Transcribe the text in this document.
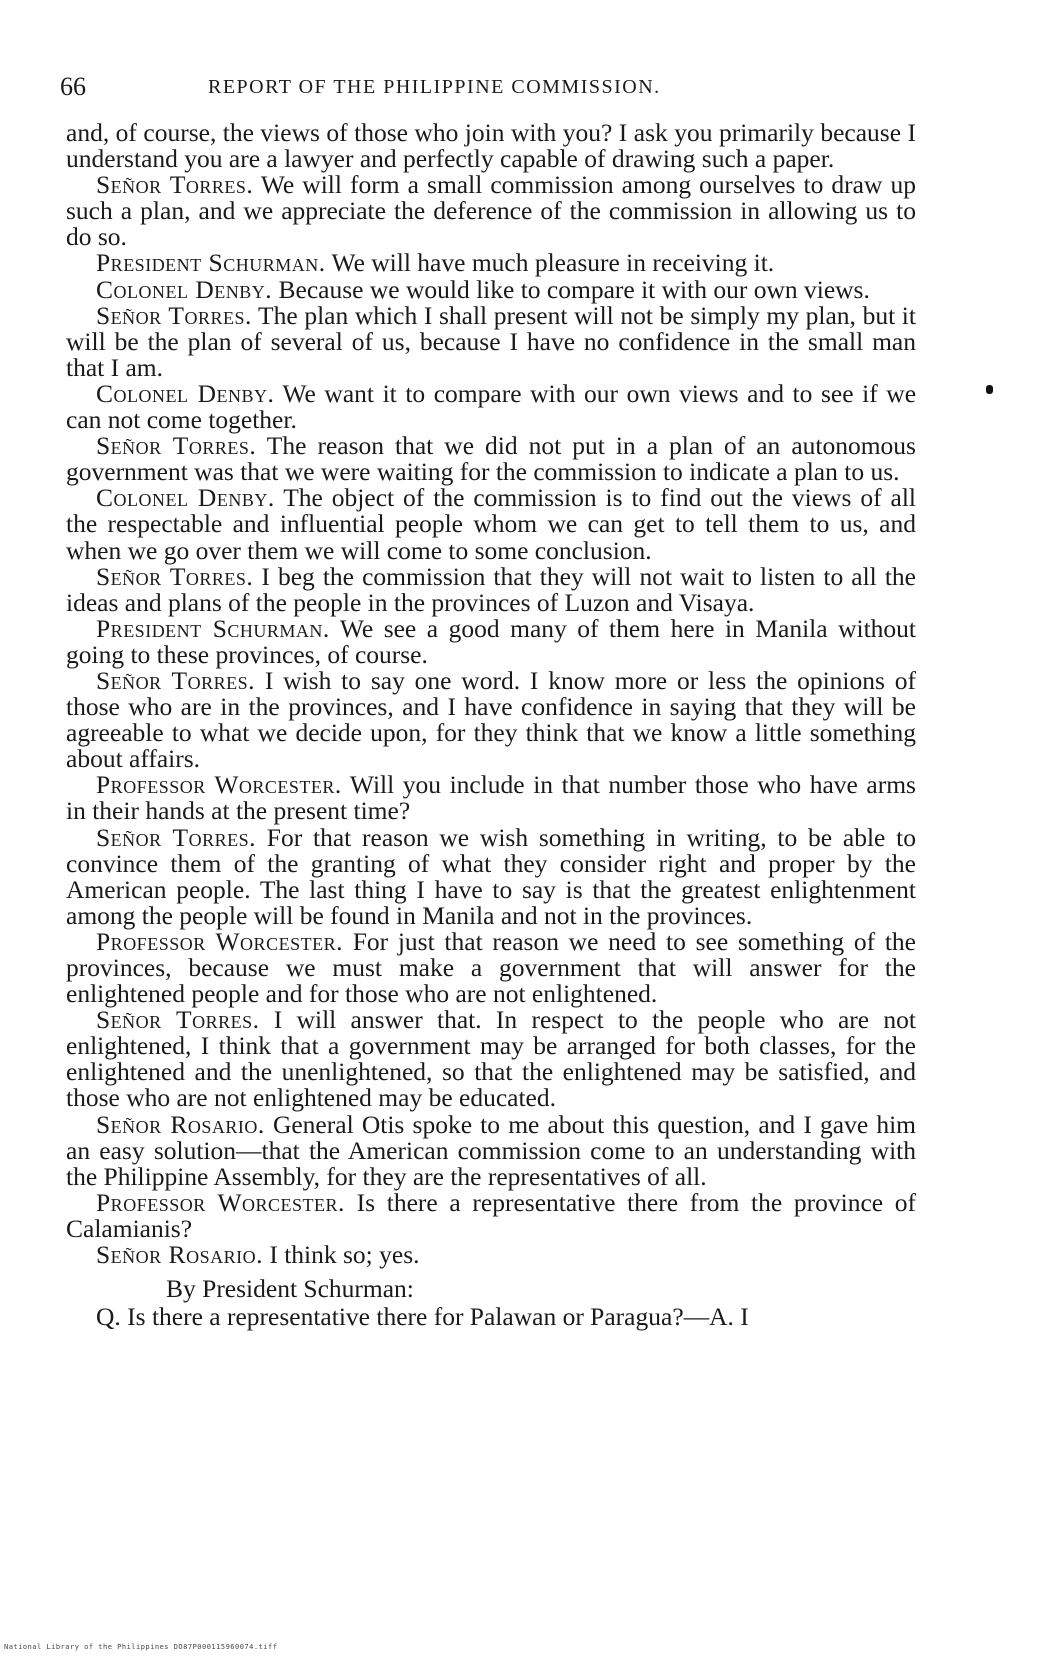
66	REPORT OF THE PHILIPPINE COMMISSION.

and, of course, the views of those who join with you? I ask you primarily because I understand you are a lawyer and perfectly capable of drawing such a paper.

Señor Torres. We will form a small commission among ourselves to draw up such a plan, and we appreciate the deference of the commission in allowing us to do so.

President Schurman. We will have much pleasure in receiving it.

Colonel Denby. Because we would like to compare it with our own views.

Señor Torres. The plan which I shall present will not be simply my plan, but it will be the plan of several of us, because I have no confidence in the small man that I am.

Colonel Denby. We want it to compare with our own views and to see if we can not come together.

Señor Torres. The reason that we did not put in a plan of an autonomous government was that we were waiting for the commission to indicate a plan to us.

Colonel Denby. The object of the commission is to find out the views of all the respectable and influential people whom we can get to tell them to us, and when we go over them we will come to some conclusion.

Señor Torres. I beg the commission that they will not wait to listen to all the ideas and plans of the people in the provinces of Luzon and Visaya.

President Schurman. We see a good many of them here in Manila without going to these provinces, of course.

Señor Torres. I wish to say one word. I know more or less the opinions of those who are in the provinces, and I have confidence in saying that they will be agreeable to what we decide upon, for they think that we know a little something about affairs.

Professor Worcester. Will you include in that number those who have arms in their hands at the present time?

Señor Torres. For that reason we wish something in writing, to be able to convince them of the granting of what they consider right and proper by the American people. The last thing I have to say is that the greatest enlightenment among the people will be found in Manila and not in the provinces.

Professor Worcester. For just that reason we need to see something of the provinces, because we must make a government that will answer for the enlightened people and for those who are not enlightened.

Señor Torres. I will answer that. In respect to the people who are not enlightened, I think that a government may be arranged for both classes, for the enlightened and the unenlightened, so that the enlightened may be satisfied, and those who are not enlightened may be educated.

Señor Rosario. General Otis spoke to me about this question, and I gave him an easy solution—that the American commission come to an understanding with the Philippine Assembly, for they are the representatives of all.

Professor Worcester. Is there a representative there from the province of Calamianis?

Señor Rosario. I think so; yes.

By President Schurman:

Q. Is there a representative there for Palawan or Paragua?—A. I

National Library of the Philippines DO87P000115960074.tiff
